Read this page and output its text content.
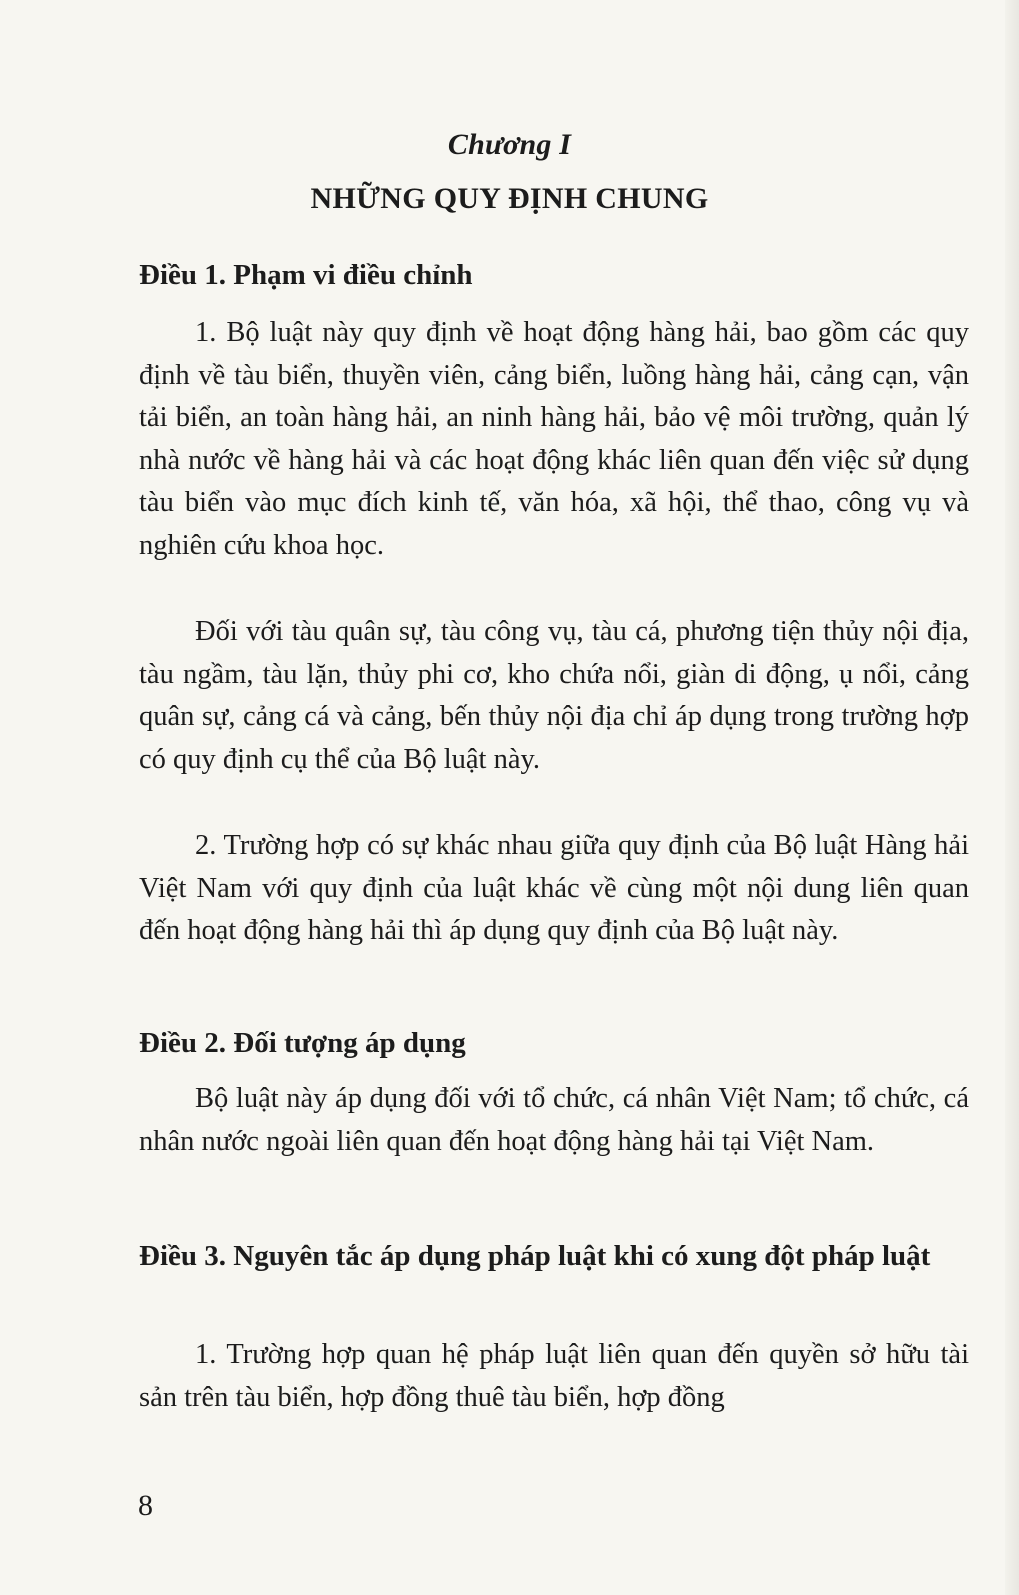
Chương I
NHỮNG QUY ĐỊNH CHUNG
Điều 1. Phạm vi điều chỉnh
1. Bộ luật này quy định về hoạt động hàng hải, bao gồm các quy định về tàu biển, thuyền viên, cảng biển, luồng hàng hải, cảng cạn, vận tải biển, an toàn hàng hải, an ninh hàng hải, bảo vệ môi trường, quản lý nhà nước về hàng hải và các hoạt động khác liên quan đến việc sử dụng tàu biển vào mục đích kinh tế, văn hóa, xã hội, thể thao, công vụ và nghiên cứu khoa học.
Đối với tàu quân sự, tàu công vụ, tàu cá, phương tiện thủy nội địa, tàu ngầm, tàu lặn, thủy phi cơ, kho chứa nổi, giàn di động, ụ nổi, cảng quân sự, cảng cá và cảng, bến thủy nội địa chỉ áp dụng trong trường hợp có quy định cụ thể của Bộ luật này.
2. Trường hợp có sự khác nhau giữa quy định của Bộ luật Hàng hải Việt Nam với quy định của luật khác về cùng một nội dung liên quan đến hoạt động hàng hải thì áp dụng quy định của Bộ luật này.
Điều 2. Đối tượng áp dụng
Bộ luật này áp dụng đối với tổ chức, cá nhân Việt Nam; tổ chức, cá nhân nước ngoài liên quan đến hoạt động hàng hải tại Việt Nam.
Điều 3. Nguyên tắc áp dụng pháp luật khi có xung đột pháp luật
1. Trường hợp quan hệ pháp luật liên quan đến quyền sở hữu tài sản trên tàu biển, hợp đồng thuê tàu biển, hợp đồng
8
